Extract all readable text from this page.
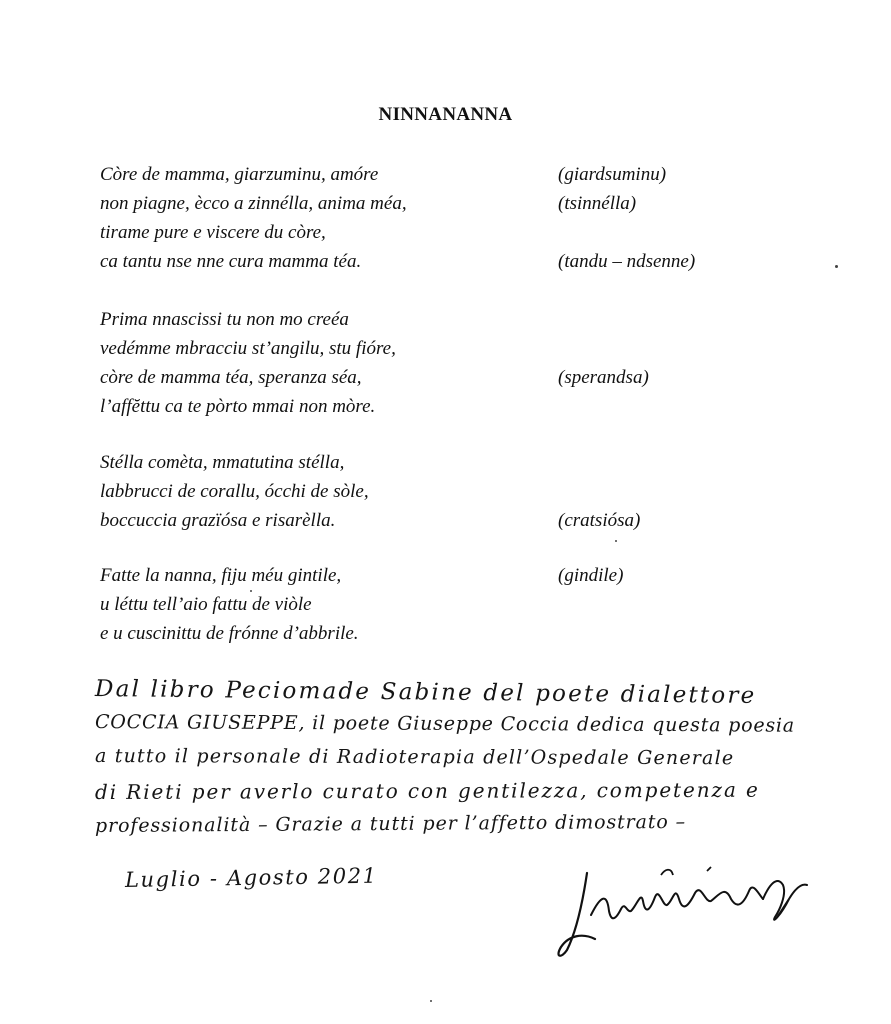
NINNANANNA
Còre de mamma, giarzuminu, amóre	(giardsuminu)
non piagne, ècco a zinnélla, anima méa,	(tsinnélla)
tirame pure e viscere du còre,
ca tantu nse nne cura mamma téa.	(tandu – ndsenne)
Prima nnascissi tu non mo creéa
vedémme mbracciu st’angilu, stu fióre,
còre de mamma téa, speranza séa,	(sperandsa)
l’affĕttu ca te pòrto mmai non mòre.
Stélla comèta, mmatutina stélla,
labbrucci de corallu, ócchi de sòle,
boccuccia grazïósa e risarèlla.	(cratsiósa)
Fatte la nanna, fiju méu gintile,	(gindile)
u léttu tell’aio fattu de viòle
e u cuscinittu de frónne d’abbrile.
Dal libro Peciomade Sabine del poete dialettore
COCCIA GIUSEPPE, il poete Giuseppe Coccia dedica questa poesia
a tutto il personale di Radioterapia dell’Ospedale Generale
di Rieti per averlo curato con gentilezza, competenza e
professionalità – Grazie a tutti per l’affetto dimostrato –
Luglio - Agosto 2021
